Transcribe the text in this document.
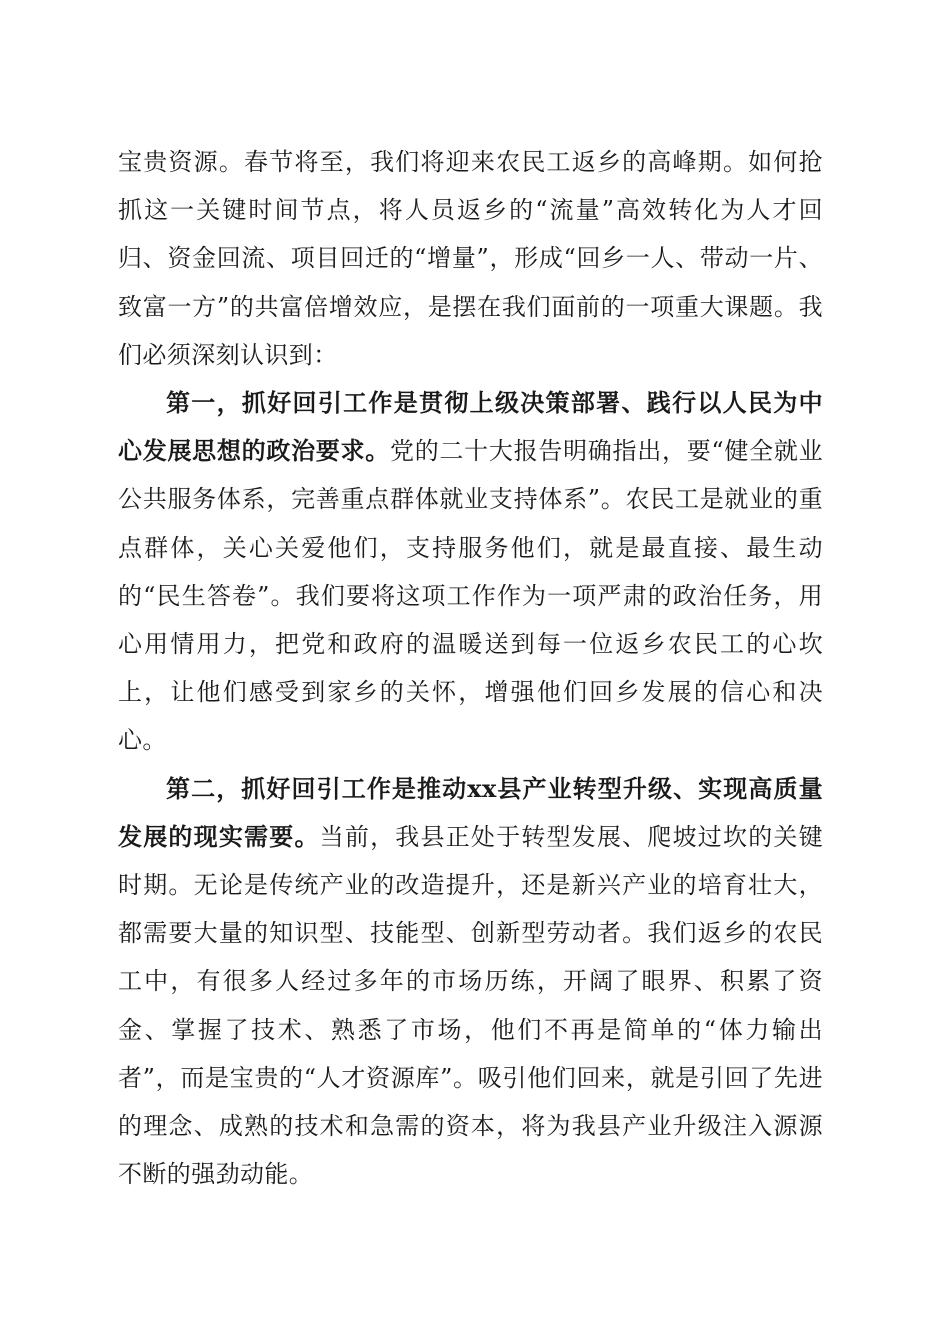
宝贵资源。春节将至，我们将迎来农民工返乡的高峰期。如何抢抓这一关键时间节点，将人员返乡的“流量”高效转化为人才回归、资金回流、项目回迁的“增量”，形成“回乡一人、带动一片、致富一方”的共富倍增效应，是摆在我们面前的一项重大课题。我们必须深刻认识到：

第一，抓好回引工作是贯彻上级决策部署、践行以人民为中心发展思想的政治要求。党的二十大报告明确指出，要“健全就业公共服务体系，完善重点群体就业支持体系”。农民工是就业的重点群体，关心关爱他们，支持服务他们，就是最直接、最生动的“民生答卷”。我们要将这项工作作为一项严肃的政治任务，用心用情用力，把党和政府的温暖送到每一位返乡农民工的心坎上，让他们感受到家乡的关怀，增强他们回乡发展的信心和决心。

第二，抓好回引工作是推动xx县产业转型升级、实现高质量发展的现实需要。当前，我县正处于转型发展、爬坡过坎的关键时期。无论是传统产业的改造提升，还是新兴产业的培育壮大，都需要大量的知识型、技能型、创新型劳动者。我们返乡的农民工中，有很多人经过多年的市场历练，开阔了眼界、积累了资金、掌握了技术、熟悉了市场，他们不再是简单的“体力输出者”，而是宝贵的“人才资源库”。吸引他们回来，就是引回了先进的理念、成熟的技术和急需的资本，将为我县产业升级注入源源不断的强劲动能。
